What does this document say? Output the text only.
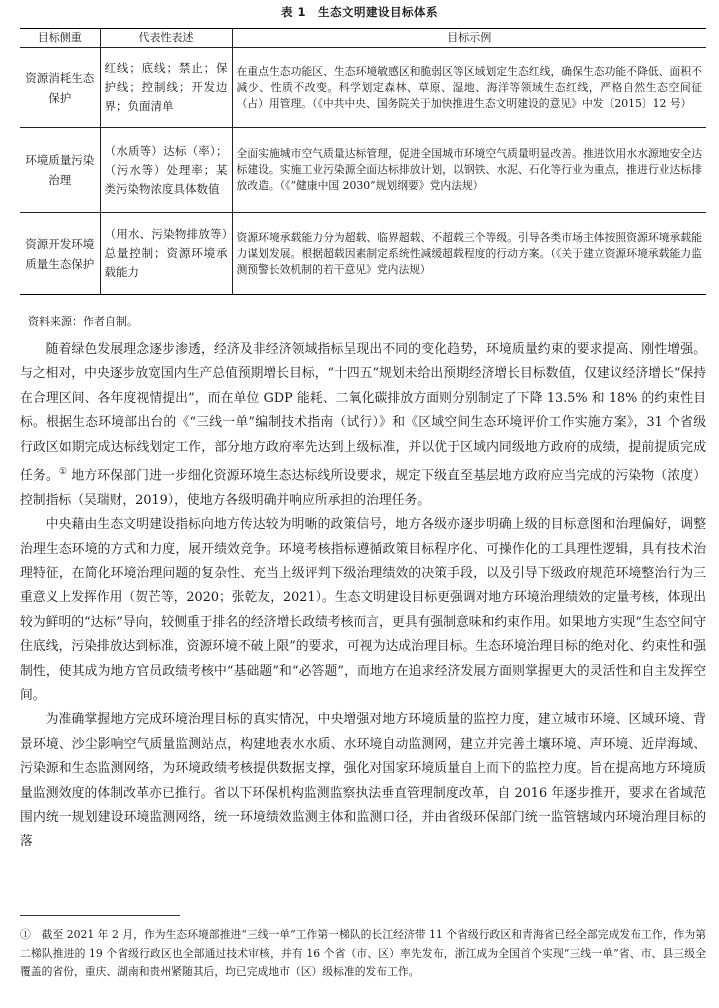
表 1　生态文明建设目标体系
目标侧重	代表性表述	目标示例
资源消耗生态保护	红线；底线；禁止；保护线；控制线；开发边界；负面清单	在重点生态功能区、生态环境敏感区和脆弱区等区域划定生态红线，确保生态功能不降低、面积不减少、性质不改变。科学划定森林、草原、湿地、海洋等领域生态红线，严格自然生态空间征（占）用管理。（《中共中央、国务院关于加快推进生态文明建设的意见》中发〔2015〕12 号）
环境质量污染治理	（水质等）达标（率）；（污水等）处理率；某类污染物浓度具体数值	全面实施城市空气质量达标管理，促进全国城市环境空气质量明显改善。推进饮用水水源地安全达标建设。实施工业污染源全面达标排放计划，以钢铁、水泥、石化等行业为重点，推进行业达标排放改造。（《“健康中国 2030”规划纲要》党内法规）
资源开发环境质量生态保护	（用水、污染物排放等）总量控制；资源环境承载能力	资源环境承载能力分为超载、临界超载、不超载三个等级。引导各类市场主体按照资源环境承载能力谋划发展。根据超载因素制定系统性减缓超载程度的行动方案。（《关于建立资源环境承载能力监测预警长效机制的若干意见》党内法规）
资料来源：作者自制。

随着绿色发展理念逐步渗透，经济及非经济领域指标呈现出不同的变化趋势，环境质量约束的要求提高、刚性增强。与之相对，中央逐步放宽国内生产总值预期增长目标，“十四五”规划未给出预期经济增长目标数值，仅建议经济增长“保持在合理区间、各年度视情提出”，而在单位 GDP 能耗、二氧化碳排放方面则分别制定了下降 13.5% 和 18% 的约束性目标。根据生态环境部出台的《“三线一单”编制技术指南（试行）》和《区域空间生态环境评价工作实施方案》，31 个省级行政区如期完成达标线划定工作，部分地方政府率先达到上级标准，并以优于区域内同级地方政府的成绩，提前提质完成任务。① 地方环保部门进一步细化资源环境生态达标线所设要求，规定下级直至基层地方政府应当完成的污染物（浓度）控制指标（吴瑞财，2019），使地方各级明确并响应所承担的治理任务。

中央藉由生态文明建设指标向地方传达较为明晰的政策信号，地方各级亦逐步明确上级的目标意图和治理偏好，调整治理生态环境的方式和力度，展开绩效竞争。环境考核指标遵循政策目标程序化、可操作化的工具理性逻辑，具有技术治理特征，在简化环境治理问题的复杂性、充当上级评判下级治理绩效的决策手段，以及引导下级政府规范环境整治行为三重意义上发挥作用（贺芒等，2020；张乾友，2021）。生态文明建设目标更强调对地方环境治理绩效的定量考核，体现出较为鲜明的“达标”导向，较侧重于排名的经济增长政绩考核而言，更具有强制意味和约束作用。如果地方实现“生态空间守住底线，污染排放达到标准，资源环境不破上限”的要求，可视为达成治理目标。生态环境治理目标的绝对化、约束性和强制性，使其成为地方官员政绩考核中“基础题”和“必答题”，而地方在追求经济发展方面则掌握更大的灵活性和自主发挥空间。

为准确掌握地方完成环境治理目标的真实情况，中央增强对地方环境质量的监控力度，建立城市环境、区域环境、背景环境、沙尘影响空气质量监测站点，构建地表水水质、水环境自动监测网，建立并完善土壤环境、声环境、近岸海域、污染源和生态监测网络，为环境政绩考核提供数据支撑，强化对国家环境质量自上而下的监控力度。旨在提高地方环境质量监测效度的体制改革亦已推行。省以下环保机构监测监察执法垂直管理制度改革，自 2016 年逐步推开，要求在省域范围内统一规划建设环境监测网络，统一环境绩效监测主体和监测口径，并由省级环保部门统一监管辖域内环境治理目标的落

①　截至 2021 年 2 月，作为生态环境部推进“三线一单”工作第一梯队的长江经济带 11 个省级行政区和青海省已经全部完成发布工作，作为第二梯队推进的 19 个省级行政区也全部通过技术审核，并有 16 个省（市、区）率先发布，浙江成为全国首个实现“三线一单”省、市、县三级全覆盖的省份，重庆、湖南和贵州紧随其后，均已完成地市（区）级标准的发布工作。
